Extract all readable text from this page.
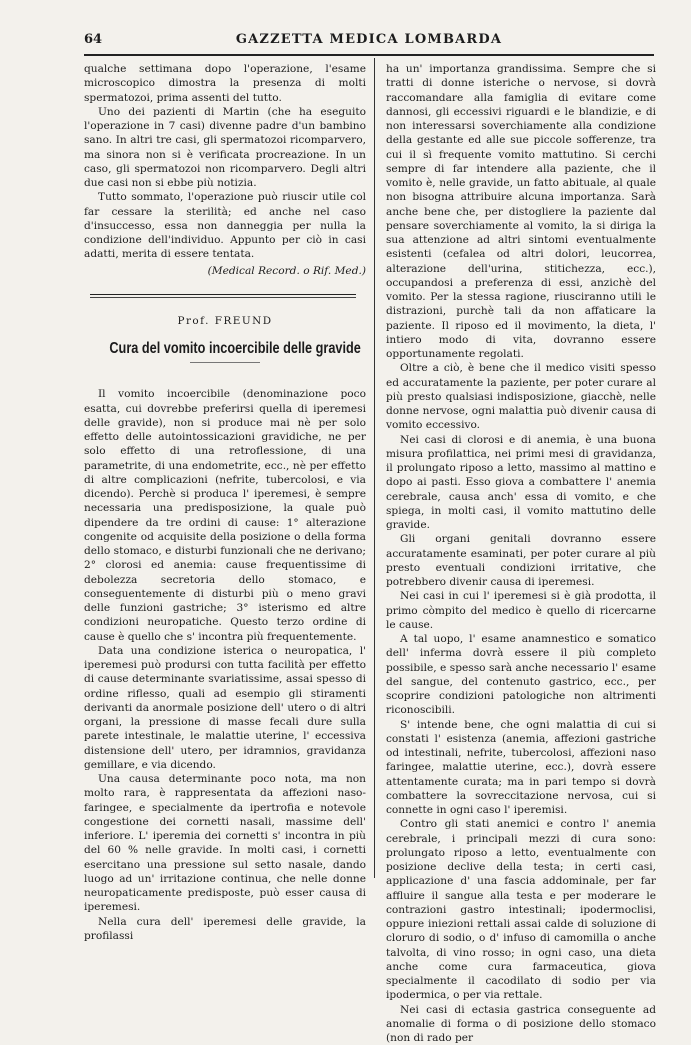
64	GAZZETTA MEDICA LOMBARDA

qualche settimana dopo l'operazione, l'esame microscopico dimostra la presenza di molti spermatozoi, prima assenti del tutto.

Uno dei pazienti di Martin (che ha eseguito l'operazione in 7 casi) divenne padre d'un bambino sano. In altri tre casi, gli spermatozoi ricomparvero, ma sinora non si è verificata procreazione. In un caso, gli spermatozoi non ricomparvero. Degli altri due casi non si ebbe più notizia.

Tutto sommato, l'operazione può riuscir utile col far cessare la sterilità; ed anche nel caso d'insuccesso, essa non danneggia per nulla la condizione dell'individuo. Appunto per ciò in casi adatti, merita di essere tentata.

(Medical Record. o Rif. Med.)

Prof. FREUND
Cura del vomito incoercibile delle gravide

Il vomito incoercibile (denominazione poco esatta, cui dovrebbe preferirsi quella di iperemesi delle gravide), non si produce mai nè per solo effetto delle autointossicazioni gravidiche, ne per solo effetto di una retroflessione, di una parametrite, di una endometrite, ecc., nè per effetto di altre complicazioni (nefrite, tubercolosi, e via dicendo). Perchè si produca l' iperemesi, è sempre necessaria una predisposizione, la quale può dipendere da tre ordini di cause: 1° alterazione congenite od acquisite della posizione o della forma dello stomaco, e disturbi funzionali che ne derivano; 2° clorosi ed anemia: cause frequentissime di debolezza secretoria dello stomaco, e conseguentemente di disturbi più o meno gravi delle funzioni gastriche; 3° isterismo ed altre condizioni neuropatiche. Questo terzo ordine di cause è quello che s' incontra più frequentemente.

Data una condizione isterica o neuropatica, l' iperemesi può prodursi con tutta facilità per effetto di cause determinante svariatissime, assai spesso di ordine riflesso, quali ad esempio gli stiramenti derivanti da anormale posizione dell' utero o di altri organi, la pressione di masse fecali dure sulla parete intestinale, le malattie uterine, l' eccessiva distensione dell' utero, per idramnios, gravidanza gemillare, e via dicendo.

Una causa determinante poco nota, ma non molto rara, è rappresentata da affezioni naso-faringee, e specialmente da ipertrofia e notevole congestione dei cornetti nasali, massime dell' inferiore. L' iperemia dei cornetti s' incontra in più del 60 % nelle gravide. In molti casi, i cornetti esercitano una pressione sul setto nasale, dando luogo ad un' irritazione continua, che nelle donne neuropaticamente predisposte, può esser causa di iperemesi.

Nella cura dell' iperemesi delle gravide, la profilassi

ha un' importanza grandissima. Sempre che si tratti di donne isteriche o nervose, si dovrà raccomandare alla famiglia di evitare come dannosi, gli eccessivi riguardi e le blandizie, e di non interessarsi soverchiamente alla condizione della gestante ed alle sue piccole sofferenze, tra cui il sì frequente vomito mattutino. Si cerchi sempre di far intendere alla paziente, che il vomito è, nelle gravide, un fatto abituale, al quale non bisogna attribuire alcuna importanza. Sarà anche bene che, per distogliere la paziente dal pensare soverchiamente al vomito, la si diriga la sua attenzione ad altri sintomi eventualmente esistenti (cefalea od altri dolori, leucorrea, alterazione dell'urina, stitichezza, ecc.), occupandosi a preferenza di essi, anzichè del vomito. Per la stessa ragione, riusciranno utili le distrazioni, purchè tali da non affaticare la paziente. Il riposo ed il movimento, la dieta, l' intiero modo di vita, dovranno essere opportunamente regolati.

Oltre a ciò, è bene che il medico visiti spesso ed accuratamente la paziente, per poter curare al più presto qualsiasi indisposizione, giacchè, nelle donne nervose, ogni malattia può divenir causa di vomito eccessivo.

Nei casi di clorosi e di anemia, è una buona misura profilattica, nei primi mesi di gravidanza, il prolungato riposo a letto, massimo al mattino e dopo ai pasti. Esso giova a combattere l' anemia cerebrale, causa anch' essa di vomito, e che spiega, in molti casi, il vomito mattutino delle gravide.

Gli organi genitali dovranno essere accuratamente esaminati, per poter curare al più presto eventuali condizioni irritative, che potrebbero divenir causa di iperemesi.

Nei casi in cui l' iperemesi si è già prodotta, il primo còmpito del medico è quello di ricercarne le cause.

A tal uopo, l' esame anamnestico e somatico dell' inferma dovrà essere il più completo possibile, e spesso sarà anche necessario l' esame del sangue, del contenuto gastrico, ecc., per scoprire condizioni patologiche non altrimenti riconoscibili.

S' intende bene, che ogni malattia di cui si constati l' esistenza (anemia, affezioni gastriche od intestinali, nefrite, tubercolosi, affezioni naso faringee, malattie uterine, ecc.), dovrà essere attentamente curata; ma in pari tempo si dovrà combattere la sovreccitazione nervosa, cui si connette in ogni caso l' iperemisi.

Contro gli stati anemici e contro l' anemia cerebrale, i principali mezzi di cura sono: prolungato riposo a letto, eventualmente con posizione declive della testa; in certi casi, applicazione d' una fascia addominale, per far affluire il sangue alla testa e per moderare le contrazioni gastro intestinali; ipodermoclisi, oppure iniezioni rettali assai calde di soluzione di cloruro di sodio, o d' infuso di camomilla o anche talvolta, di vino rosso; in ogni caso, una dieta anche come cura farmaceutica, giova specialmente il cacodilato di sodio per via ipodermica, o per via rettale.

Nei casi di ectasia gastrica conseguente ad anomalie di forma o di posizione dello stomaco (non di rado per
